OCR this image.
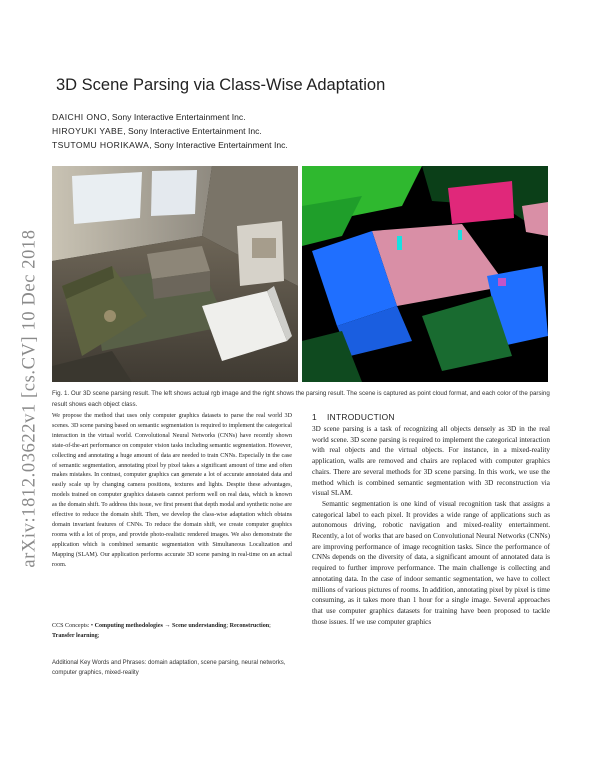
arXiv:1812.03622v1 [cs.CV] 10 Dec 2018
3D Scene Parsing via Class-Wise Adaptation
DAICHI ONO, Sony Interactive Entertainment Inc.
HIROYUKI YABE, Sony Interactive Entertainment Inc.
TSUTOMU HORIKAWA, Sony Interactive Entertainment Inc.
Fig. 1. Our 3D scene parsing result. The left shows actual rgb image and the right shows the parsing result. The scene is captured as point cloud format, and each color of the parsing result shows each object class.
We propose the method that uses only computer graphics datasets to parse the real world 3D scenes. 3D scene parsing based on semantic segmentation is required to implement the categorical interaction in the virtual world. Convolutional Neural Networks (CNNs) have recently shown state-of-the-art performance on computer vision tasks including semantic segmentation. However, collecting and annotating a huge amount of data are needed to train CNNs. Especially in the case of semantic segmentation, annotating pixel by pixel takes a significant amount of time and often makes mistakes. In contrast, computer graphics can generate a lot of accurate annotated data and easily scale up by changing camera positions, textures and lights. Despite these advantages, models trained on computer graphics datasets cannot perform well on real data, which is known as the domain shift. To address this issue, we first present that depth modal and synthetic noise are effective to reduce the domain shift. Then, we develop the class-wise adaptation which obtains domain invariant features of CNNs. To reduce the domain shift, we create computer graphics rooms with a lot of props, and provide photo-realistic rendered images. We also demonstrate the application which is combined semantic segmentation with Simultaneous Localization and Mapping (SLAM). Our application performs accurate 3D scene parsing in real-time on an actual room.
CCS Concepts: • Computing methodologies → Scene understanding; Reconstruction; Transfer learning;
Additional Key Words and Phrases: domain adaptation, scene parsing, neural networks, computer graphics, mixed-reality
1 INTRODUCTION

3D scene parsing is a task of recognizing all objects densely as 3D in the real world scene. 3D scene parsing is required to implement the categorical interaction with real objects and the virtual objects. For instance, in a mixed-reality application, walls are removed and chairs are replaced with computer graphics chairs. There are several methods for 3D scene parsing. In this work, we use the method which is combined semantic segmentation with 3D reconstruction via visual SLAM.

Semantic segmentation is one kind of visual recognition task that assigns a categorical label to each pixel. It provides a wide range of applications such as autonomous driving, robotic navigation and mixed-reality entertainment. Recently, a lot of works that are based on Convolutional Neural Networks (CNNs) are improving performance of image recognition tasks. Since the performance of CNNs depends on the diversity of data, a significant amount of annotated data is required to further improve performance. The main challenge is collecting and annotating data. In the case of indoor semantic segmentation, we have to collect millions of various pictures of rooms. In addition, annotating pixel by pixel is time consuming, as it takes more than 1 hour for a single image. Several approaches that use computer graphics datasets for training have been proposed to tackle those issues. If we use computer graphics
